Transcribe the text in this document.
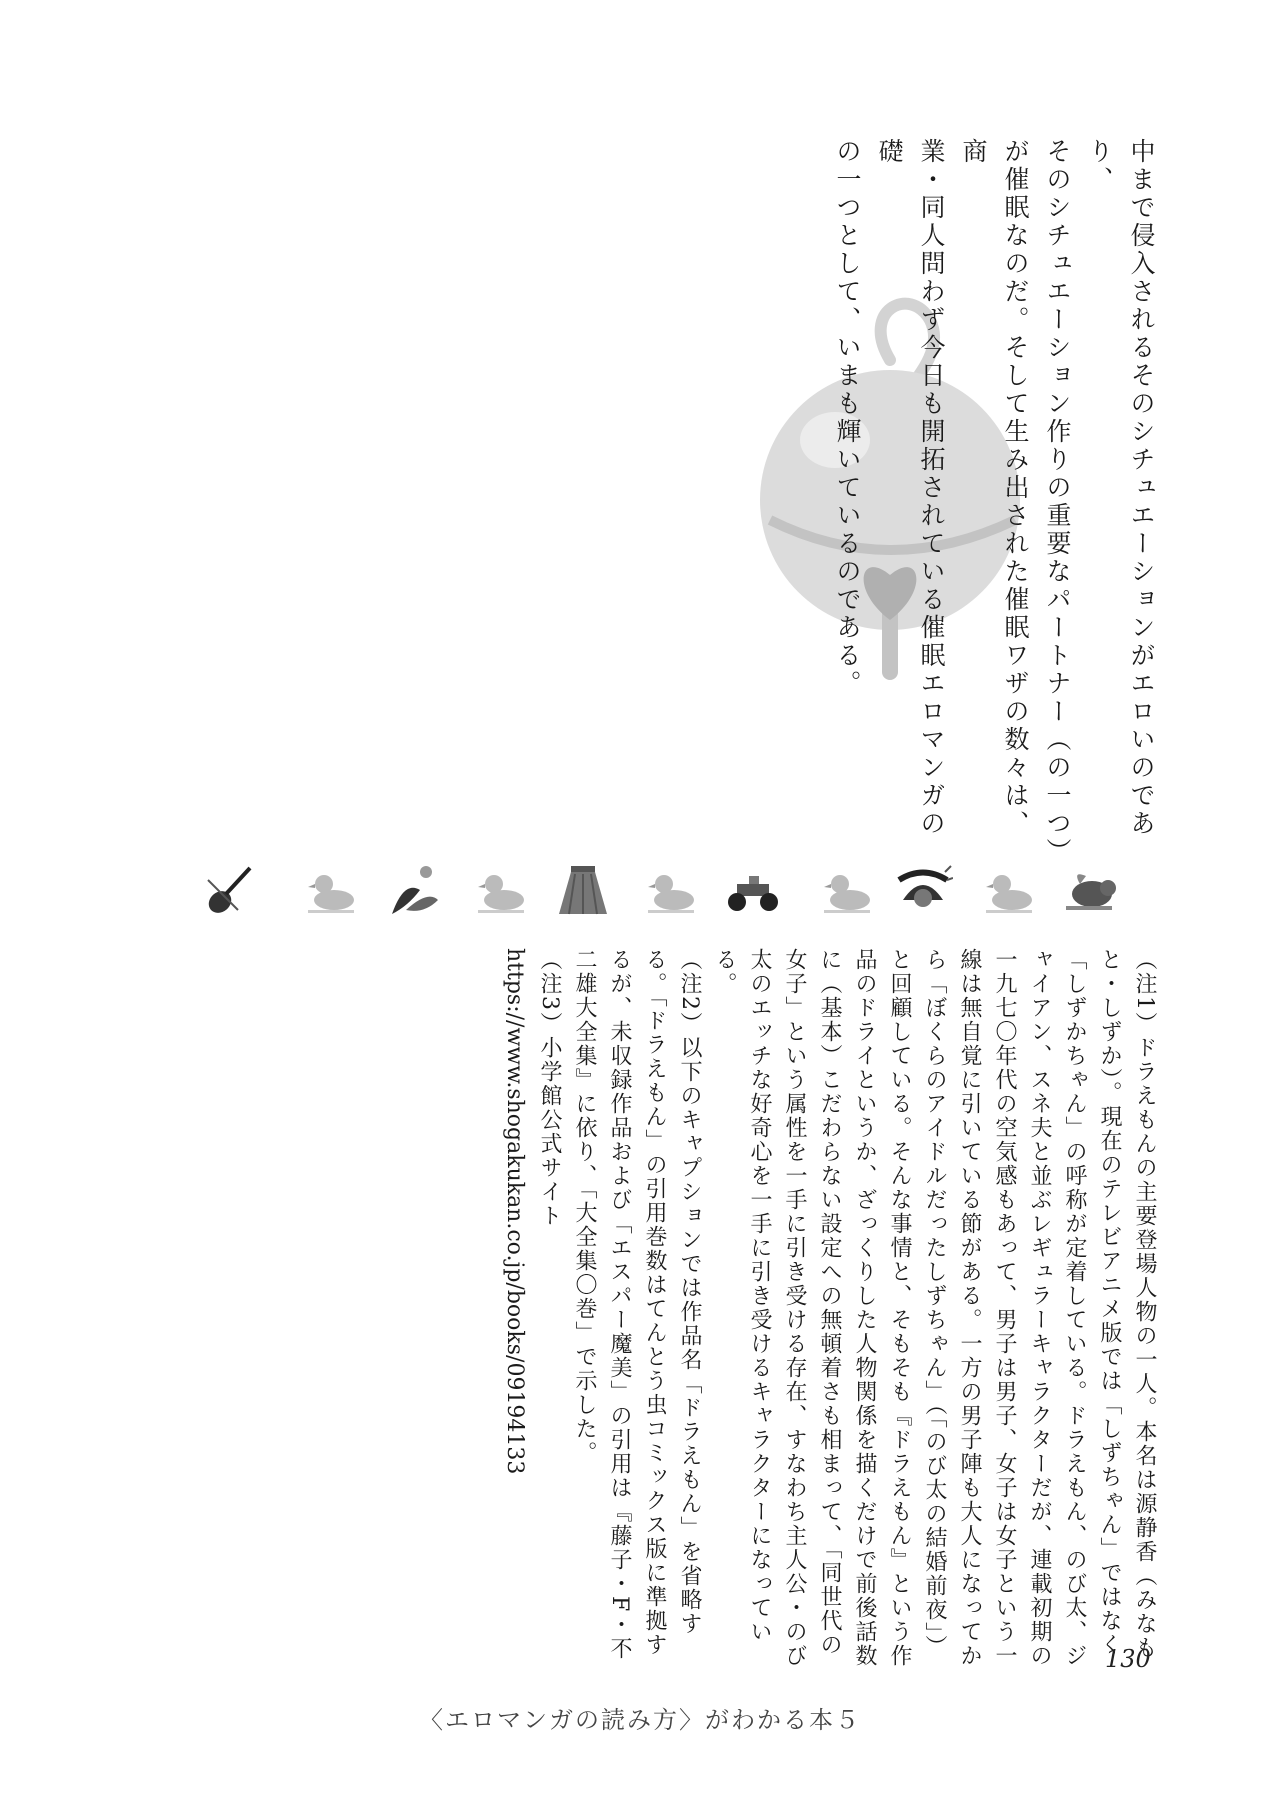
中まで侵入されるそのシチュエーションがエロいのであり、

そのシチュエーション作りの重要なパートナー（の一つ）

が催眠なのだ。そして生み出された催眠ワザの数々は、商

業・同人問わず今日も開拓されている催眠エロマンガの礎

の一つとして、いまも輝いているのである。

（注1）ドラえもんの主要登場人物の一人。本名は源静香（みなもと・しずか）。現在のテレビアニメ版では「しずちゃん」ではなく「しずかちゃん」の呼称が定着している。ドラえもん、のび太、ジャイアン、スネ夫と並ぶレギュラーキャラクターだが、連載初期の一九七〇年代の空気感もあって、男子は男子、女子は女子という一線は無自覚に引いている節がある。一方の男子陣も大人になってから「ぼくらのアイドルだったしずちゃん」（「のび太の結婚前夜」）と回顧している。そんな事情と、そもそも『ドラえもん』という作品のドライというか、ざっくりした人物関係を描くだけで前後話数に（基本）こだわらない設定への無頓着さも相まって、「同世代の女子」という属性を一手に引き受ける存在、すなわち主人公・のび太のエッチな好奇心を一手に引き受けるキャラクターになっている。

（注2）以下のキャプションでは作品名「ドラえもん」を省略する。「ドラえもん」の引用巻数はてんとう虫コミックス版に準拠するが、未収録作品および「エスパー魔美」の引用は『藤子・F・不二雄大全集』に依り、「大全集〇巻」で示した。

（注3）小学館公式サイト https://www.shogakukan.co.jp/books/09194133

130
〈エロマンガの読み方〉がわかる本５
